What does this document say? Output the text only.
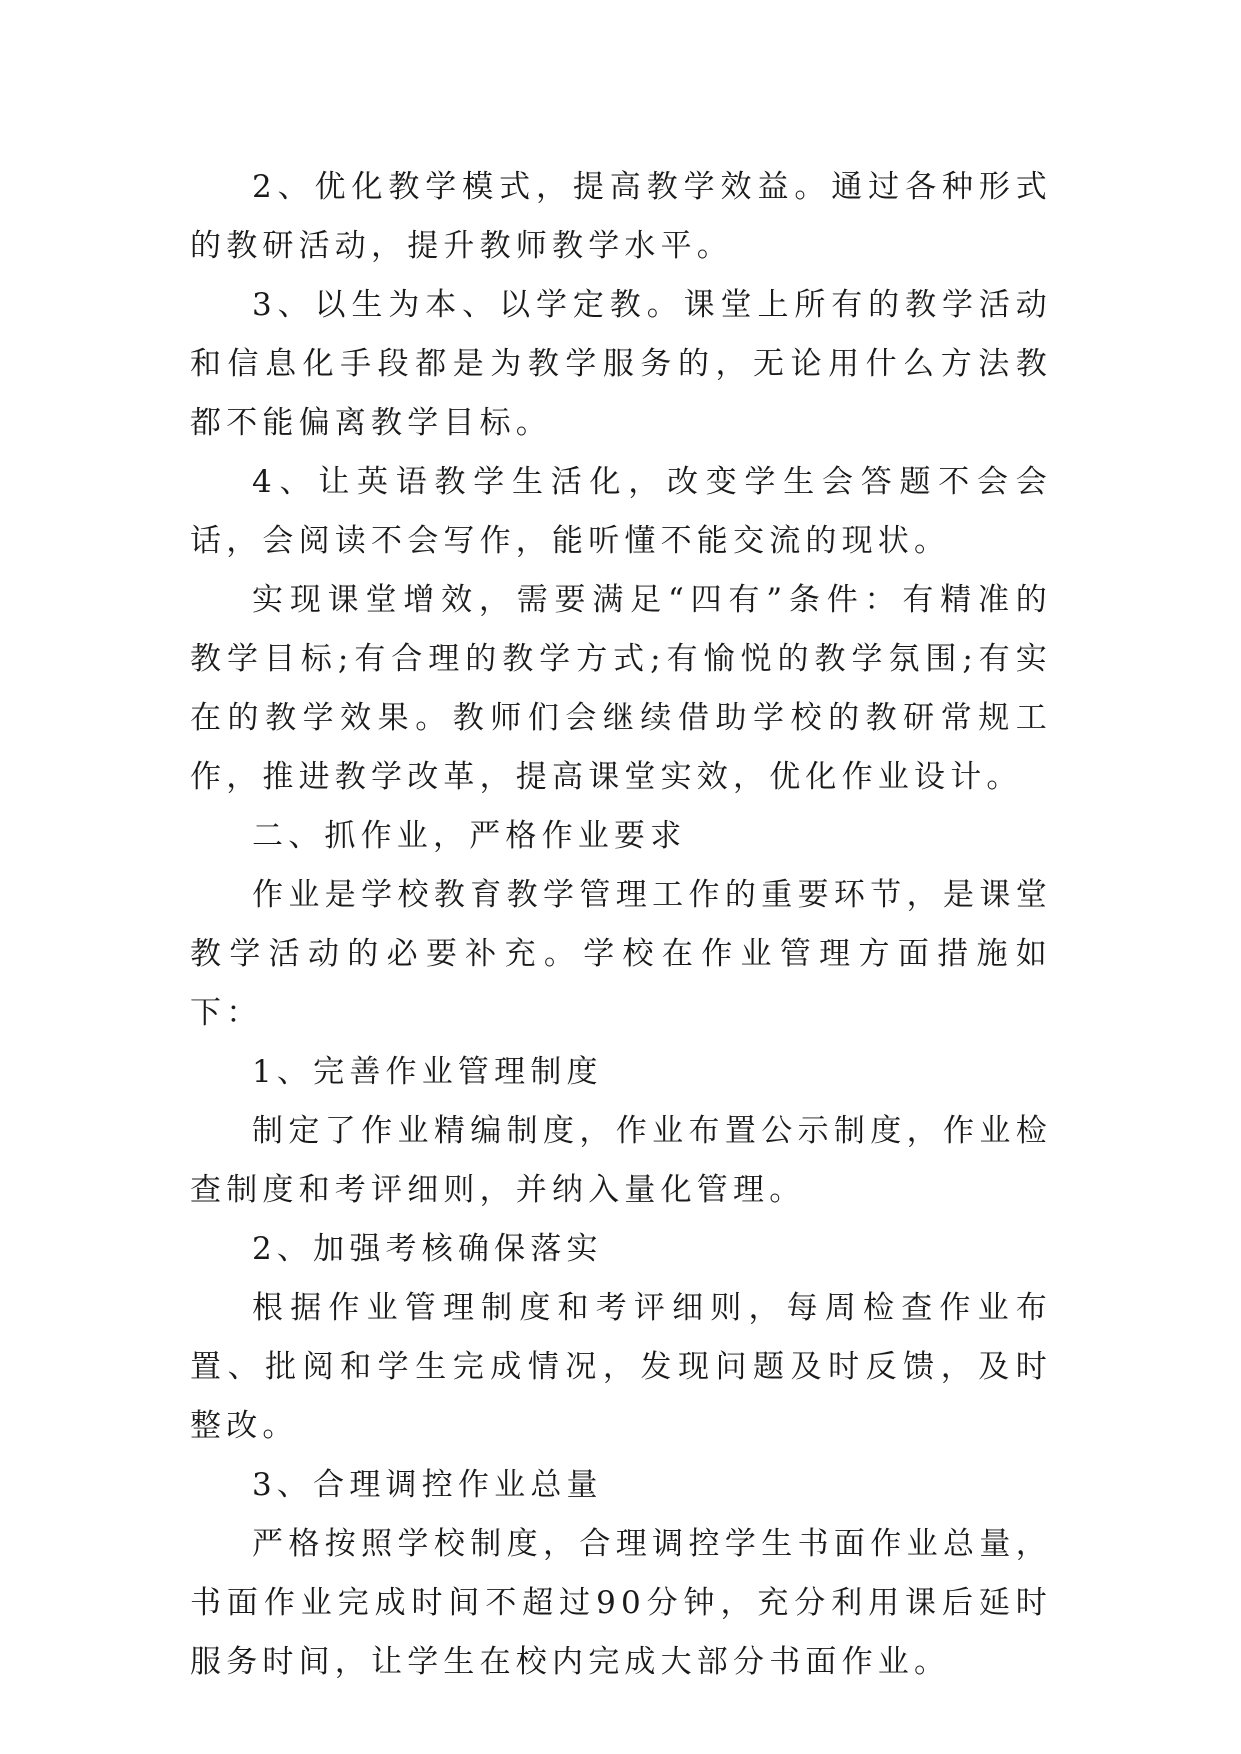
2、优化教学模式，提高教学效益。通过各种形式的教研活动，提升教师教学水平。

3、以生为本、以学定教。课堂上所有的教学活动和信息化手段都是为教学服务的，无论用什么方法教都不能偏离教学目标。

4、让英语教学生活化，改变学生会答题不会会话，会阅读不会写作，能听懂不能交流的现状。

实现课堂增效，需要满足“四有”条件：有精准的教学目标;有合理的教学方式;有愉悦的教学氛围;有实在的教学效果。教师们会继续借助学校的教研常规工作，推进教学改革，提高课堂实效，优化作业设计。

二、抓作业，严格作业要求

作业是学校教育教学管理工作的重要环节，是课堂教学活动的必要补充。学校在作业管理方面措施如下：

1、完善作业管理制度

制定了作业精编制度，作业布置公示制度，作业检查制度和考评细则，并纳入量化管理。

2、加强考核确保落实

根据作业管理制度和考评细则，每周检查作业布置、批阅和学生完成情况，发现问题及时反馈，及时整改。

3、合理调控作业总量

严格按照学校制度，合理调控学生书面作业总量，书面作业完成时间不超过90分钟，充分利用课后延时服务时间，让学生在校内完成大部分书面作业。
